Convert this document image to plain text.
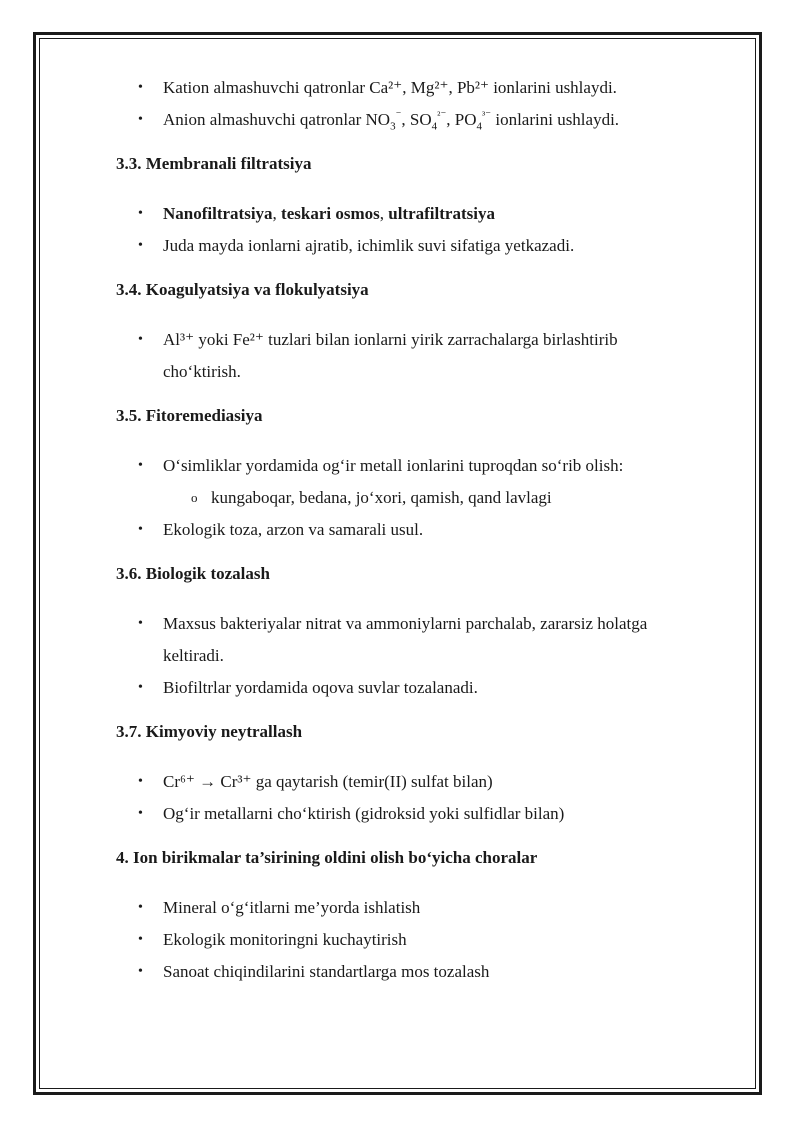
• Kation almashuvchi qatronlar Ca²⁺, Mg²⁺, Pb²⁺ ionlarini ushlaydi.
• Anion almashuvchi qatronlar $NO_3^{^-}$, $SO_4^{^{2-}}$, $PO_4^{^{3-}}$ ionlarini ushlaydi.
3.3. Membranali filtratsiya
• Nanofiltratsiya, teskari osmos, ultrafiltratsiya
• Juda mayda ionlarni ajratib, ichimlik suvi sifatiga yetkazadi.
3.4. Koagulyatsiya va flokulyatsiya
• Al³⁺ yoki Fe²⁺ tuzlari bilan ionlarni yirik zarrachalarga birlashtirib
cho‘ktirish.
3.5. Fitoremediasiya
• O‘simliklar yordamida og‘ir metall ionlarini tuproqdan so‘rib olish:
o kungaboqar, bedana, jo‘xori, qamish, qand lavlagi
• Ekologik toza, arzon va samarali usul.
3.6. Biologik tozalash
• Maxsus bakteriyalar nitrat va ammoniylarni parchalab, zararsiz holatga
keltiradi.
• Biofiltrlar yordamida oqova suvlar tozalanadi.
3.7. Kimyoviy neytrallash
• Cr⁶⁺ → Cr³⁺ ga qaytarish (temir(II) sulfat bilan)
• Og‘ir metallarni cho‘ktirish (gidroksid yoki sulfidlar bilan)
4. Ion birikmalar ta’sirining oldini olish bo‘yicha choralar
• Mineral o‘g‘itlarni me’yorda ishlatish
• Ekologik monitoringni kuchaytirish
• Sanoat chiqindilarini standartlarga mos tozalash
